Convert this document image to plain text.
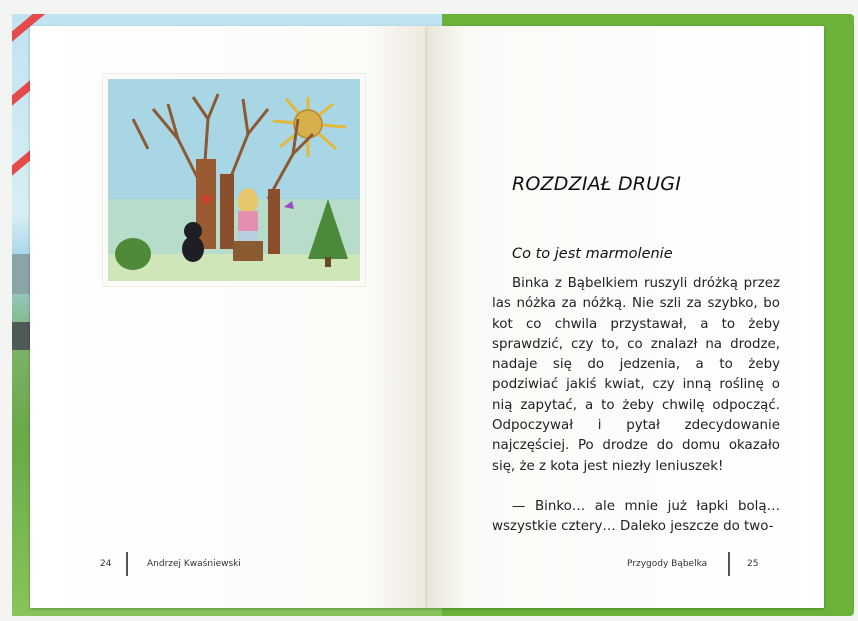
24	Andrzej Kwaśniewski
ROZDZIAŁ DRUGI
Co to jest marmolenie

Binka z Bąbelkiem ruszyli dróżką przez las nóżka za nóżką. Nie szli za szybko, bo kot co chwila przystawał, a to żeby sprawdzić, czy to, co znalazł na drodze, nadaje się do jedzenia, a to żeby podziwiać jakiś kwiat, czy inną roślinę o nią zapytać, a to żeby chwilę odpocząć. Odpoczywał i pytał zdecydowanie najczęściej. Po drodze do domu okazało się, że z kota jest niezły leniuszek!

— Binko… ale mnie już łapki bolą… wszystkie cztery… Daleko jeszcze do two-

Przygody Bąbelka	25
